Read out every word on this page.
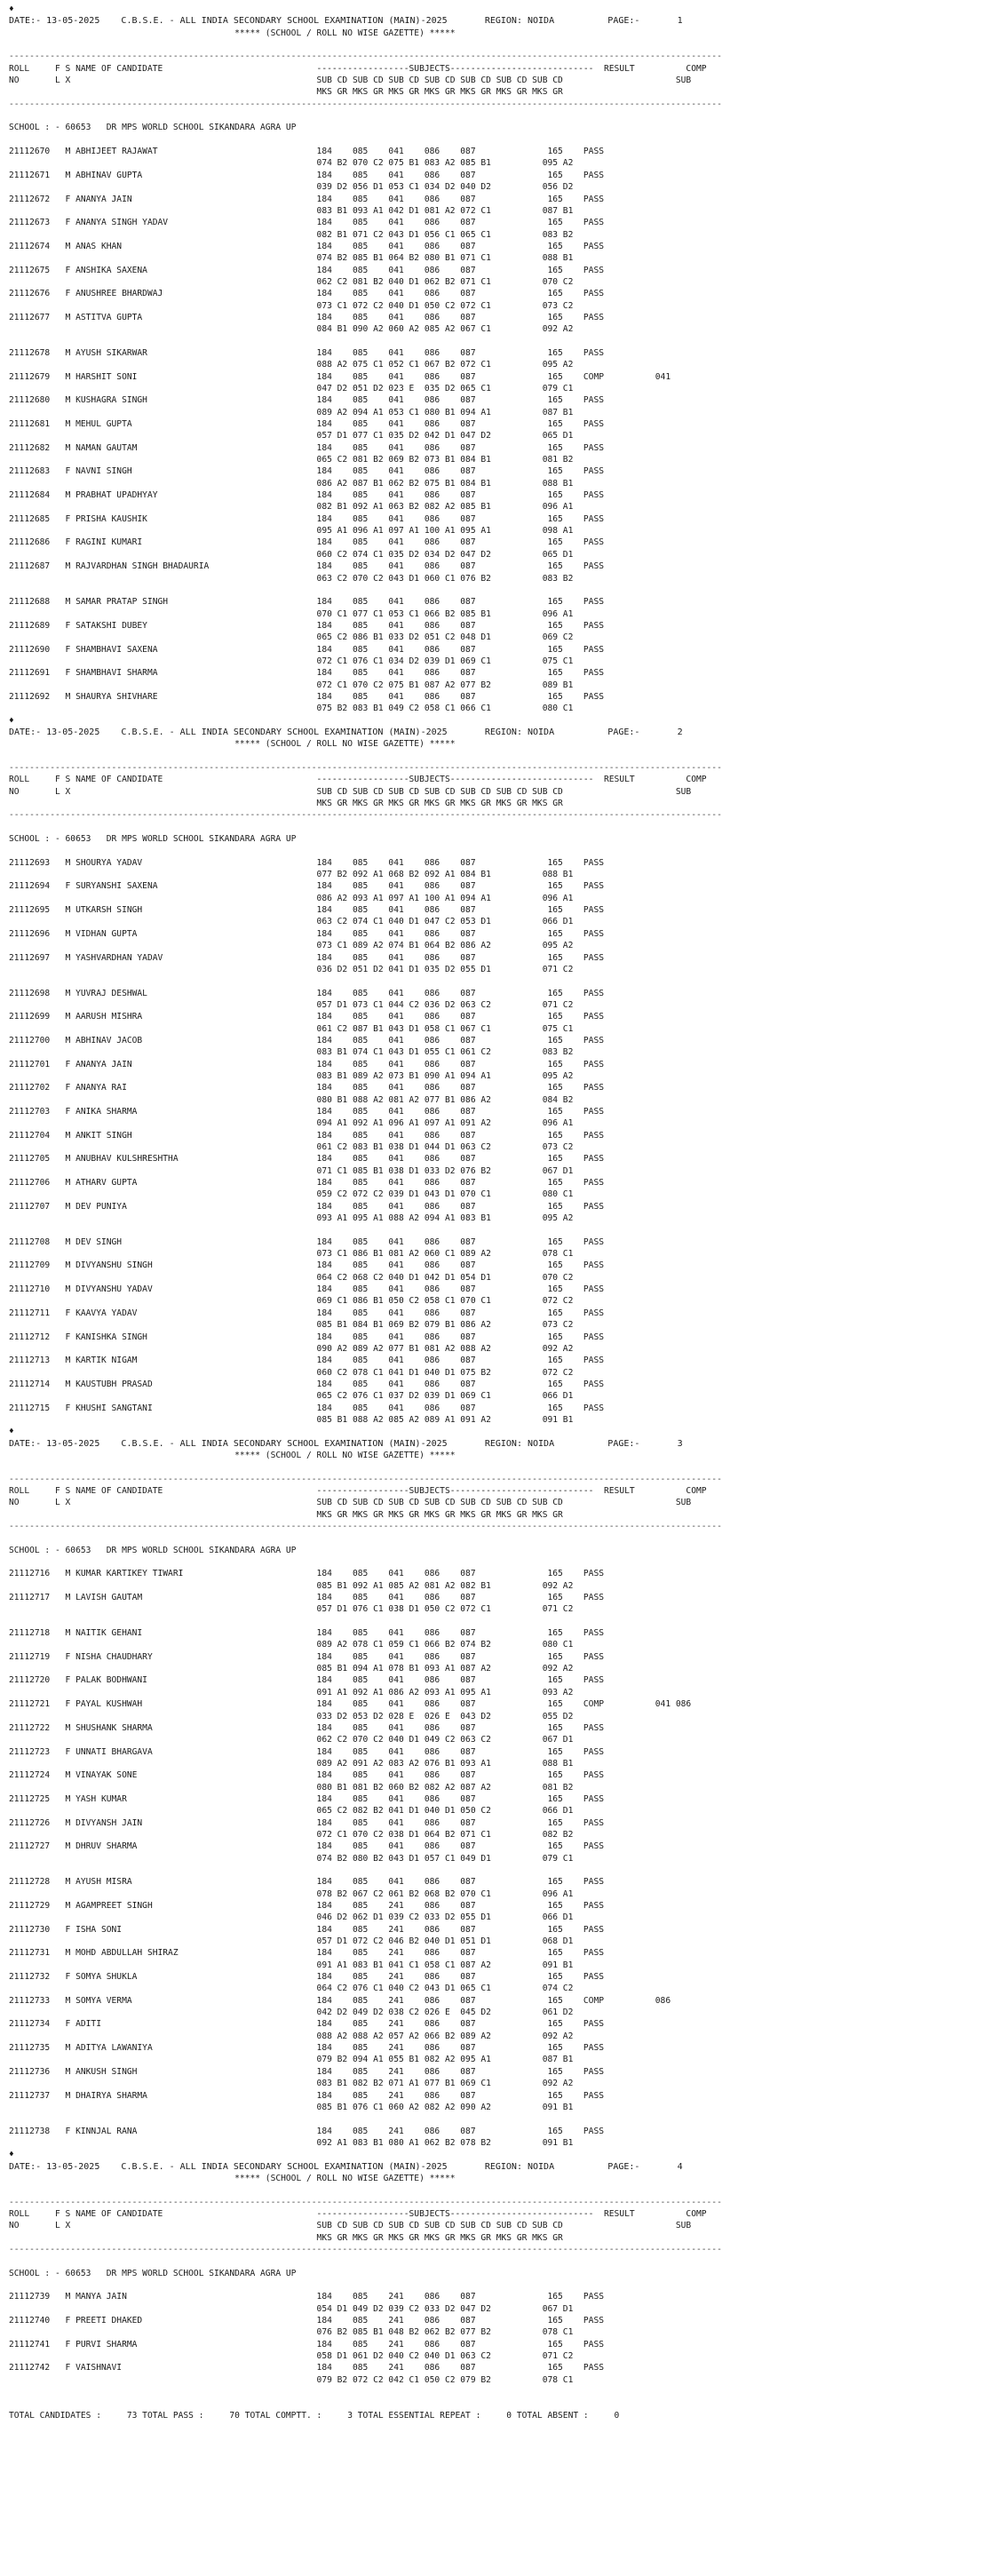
♦
DATE:- 13-05-2025    C.B.S.E. - ALL INDIA SECONDARY SCHOOL EXAMINATION (MAIN)-2025       REGION: NOIDA          PAGE:-       1
***** (SCHOOL / ROLL NO WISE GAZETTE) *****
-------------------------------------------------------------------------------------------------------------------------------------------
ROLL     F S NAME OF CANDIDATE                              ------------------SUBJECTS----------------------------  RESULT          COMP
NO       L X                                                SUB CD SUB CD SUB CD SUB CD SUB CD SUB CD SUB CD                      SUB
MKS GR MKS GR MKS GR MKS GR MKS GR MKS GR MKS GR
-------------------------------------------------------------------------------------------------------------------------------------------
SCHOOL : - 60653   DR MPS WORLD SCHOOL SIKANDARA AGRA UP
21112670   M ABHIJEET RAJAWAT                               184    085    041    086    087              165    PASS
074 B2 070 C2 075 B1 083 A2 085 B1          095 A2
21112671   M ABHINAV GUPTA                                  184    085    041    086    087              165    PASS
039 D2 056 D1 053 C1 034 D2 040 D2          056 D2
21112672   F ANANYA JAIN                                    184    085    041    086    087              165    PASS
083 B1 093 A1 042 D1 081 A2 072 C1          087 B1
21112673   F ANANYA SINGH YADAV                             184    085    041    086    087              165    PASS
082 B1 071 C2 043 D1 056 C1 065 C1          083 B2
21112674   M ANAS KHAN                                      184    085    041    086    087              165    PASS
074 B2 085 B1 064 B2 080 B1 071 C1          088 B1
21112675   F ANSHIKA SAXENA                                 184    085    041    086    087              165    PASS
062 C2 081 B2 040 D1 062 B2 071 C1          070 C2
21112676   F ANUSHREE BHARDWAJ                              184    085    041    086    087              165    PASS
073 C1 072 C2 040 D1 050 C2 072 C1          073 C2
21112677   M ASTITVA GUPTA                                  184    085    041    086    087              165    PASS
084 B1 090 A2 060 A2 085 A2 067 C1          092 A2
21112678   M AYUSH SIKARWAR                                 184    085    041    086    087              165    PASS
088 A2 075 C1 052 C1 067 B2 072 C1          095 A2
21112679   M HARSHIT SONI                                   184    085    041    086    087              165    COMP          041
047 D2 051 D2 023 E  035 D2 065 C1          079 C1
21112680   M KUSHAGRA SINGH                                 184    085    041    086    087              165    PASS
089 A2 094 A1 053 C1 080 B1 094 A1          087 B1
21112681   M MEHUL GUPTA                                    184    085    041    086    087              165    PASS
057 D1 077 C1 035 D2 042 D1 047 D2          065 D1
21112682   M NAMAN GAUTAM                                   184    085    041    086    087              165    PASS
065 C2 081 B2 069 B2 073 B1 084 B1          081 B2
21112683   F NAVNI SINGH                                    184    085    041    086    087              165    PASS
086 A2 087 B1 062 B2 075 B1 084 B1          088 B1
21112684   M PRABHAT UPADHYAY                               184    085    041    086    087              165    PASS
082 B1 092 A1 063 B2 082 A2 085 B1          096 A1
21112685   F PRISHA KAUSHIK                                 184    085    041    086    087              165    PASS
095 A1 096 A1 097 A1 100 A1 095 A1          098 A1
21112686   F RAGINI KUMARI                                  184    085    041    086    087              165    PASS
060 C2 074 C1 035 D2 034 D2 047 D2          065 D1
21112687   M RAJVARDHAN SINGH BHADAURIA                     184    085    041    086    087              165    PASS
063 C2 070 C2 043 D1 060 C1 076 B2          083 B2
21112688   M SAMAR PRATAP SINGH                             184    085    041    086    087              165    PASS
070 C1 077 C1 053 C1 066 B2 085 B1          096 A1
21112689   F SATAKSHI DUBEY                                 184    085    041    086    087              165    PASS
065 C2 086 B1 033 D2 051 C2 048 D1          069 C2
21112690   F SHAMBHAVI SAXENA                               184    085    041    086    087              165    PASS
072 C1 076 C1 034 D2 039 D1 069 C1          075 C1
21112691   F SHAMBHAVI SHARMA                               184    085    041    086    087              165    PASS
072 C1 070 C2 075 B1 087 A2 077 B2          089 B1
21112692   M SHAURYA SHIVHARE                               184    085    041    086    087              165    PASS
075 B2 083 B1 049 C2 058 C1 066 C1          080 C1
♦
DATE:- 13-05-2025    C.B.S.E. - ALL INDIA SECONDARY SCHOOL EXAMINATION (MAIN)-2025       REGION: NOIDA          PAGE:-       2
***** (SCHOOL / ROLL NO WISE GAZETTE) *****
-------------------------------------------------------------------------------------------------------------------------------------------
ROLL     F S NAME OF CANDIDATE                              ------------------SUBJECTS----------------------------  RESULT          COMP
NO       L X                                                SUB CD SUB CD SUB CD SUB CD SUB CD SUB CD SUB CD                      SUB
MKS GR MKS GR MKS GR MKS GR MKS GR MKS GR MKS GR
-------------------------------------------------------------------------------------------------------------------------------------------
SCHOOL : - 60653   DR MPS WORLD SCHOOL SIKANDARA AGRA UP
21112693   M SHOURYA YADAV                                  184    085    041    086    087              165    PASS
077 B2 092 A1 068 B2 092 A1 084 B1          088 B1
21112694   F SURYANSHI SAXENA                               184    085    041    086    087              165    PASS
086 A2 093 A1 097 A1 100 A1 094 A1          096 A1
21112695   M UTKARSH SINGH                                  184    085    041    086    087              165    PASS
063 C2 074 C1 040 D1 047 C2 053 D1          066 D1
21112696   M VIDHAN GUPTA                                   184    085    041    086    087              165    PASS
073 C1 089 A2 074 B1 064 B2 086 A2          095 A2
21112697   M YASHVARDHAN YADAV                              184    085    041    086    087              165    PASS
036 D2 051 D2 041 D1 035 D2 055 D1          071 C2
21112698   M YUVRAJ DESHWAL                                 184    085    041    086    087              165    PASS
057 D1 073 C1 044 C2 036 D2 063 C2          071 C2
21112699   M AARUSH MISHRA                                  184    085    041    086    087              165    PASS
061 C2 087 B1 043 D1 058 C1 067 C1          075 C1
21112700   M ABHINAV JACOB                                  184    085    041    086    087              165    PASS
083 B1 074 C1 043 D1 055 C1 061 C2          083 B2
21112701   F ANANYA JAIN                                    184    085    041    086    087              165    PASS
083 B1 089 A2 073 B1 090 A1 094 A1          095 A2
21112702   F ANANYA RAI                                     184    085    041    086    087              165    PASS
080 B1 088 A2 081 A2 077 B1 086 A2          084 B2
21112703   F ANIKA SHARMA                                   184    085    041    086    087              165    PASS
094 A1 092 A1 096 A1 097 A1 091 A2          096 A1
21112704   M ANKIT SINGH                                    184    085    041    086    087              165    PASS
061 C2 083 B1 038 D1 044 D1 063 C2          073 C2
21112705   M ANUBHAV KULSHRESHTHA                           184    085    041    086    087              165    PASS
071 C1 085 B1 038 D1 033 D2 076 B2          067 D1
21112706   M ATHARV GUPTA                                   184    085    041    086    087              165    PASS
059 C2 072 C2 039 D1 043 D1 070 C1          080 C1
21112707   M DEV PUNIYA                                     184    085    041    086    087              165    PASS
093 A1 095 A1 088 A2 094 A1 083 B1          095 A2
21112708   M DEV SINGH                                      184    085    041    086    087              165    PASS
073 C1 086 B1 081 A2 060 C1 089 A2          078 C1
21112709   M DIVYANSHU SINGH                                184    085    041    086    087              165    PASS
064 C2 068 C2 040 D1 042 D1 054 D1          070 C2
21112710   M DIVYANSHU YADAV                                184    085    041    086    087              165    PASS
069 C1 086 B1 050 C2 058 C1 070 C1          072 C2
21112711   F KAAVYA YADAV                                   184    085    041    086    087              165    PASS
085 B1 084 B1 069 B2 079 B1 086 A2          073 C2
21112712   F KANISHKA SINGH                                 184    085    041    086    087              165    PASS
090 A2 089 A2 077 B1 081 A2 088 A2          092 A2
21112713   M KARTIK NIGAM                                   184    085    041    086    087              165    PASS
060 C2 078 C1 041 D1 040 D1 075 B2          072 C2
21112714   M KAUSTUBH PRASAD                                184    085    041    086    087              165    PASS
065 C2 076 C1 037 D2 039 D1 069 C1          066 D1
21112715   F KHUSHI SANGTANI                                184    085    041    086    087              165    PASS
085 B1 088 A2 085 A2 089 A1 091 A2          091 B1
♦
DATE:- 13-05-2025    C.B.S.E. - ALL INDIA SECONDARY SCHOOL EXAMINATION (MAIN)-2025       REGION: NOIDA          PAGE:-       3
***** (SCHOOL / ROLL NO WISE GAZETTE) *****
-------------------------------------------------------------------------------------------------------------------------------------------
ROLL     F S NAME OF CANDIDATE                              ------------------SUBJECTS----------------------------  RESULT          COMP
NO       L X                                                SUB CD SUB CD SUB CD SUB CD SUB CD SUB CD SUB CD                      SUB
MKS GR MKS GR MKS GR MKS GR MKS GR MKS GR MKS GR
-------------------------------------------------------------------------------------------------------------------------------------------
SCHOOL : - 60653   DR MPS WORLD SCHOOL SIKANDARA AGRA UP
21112716   M KUMAR KARTIKEY TIWARI                          184    085    041    086    087              165    PASS
085 B1 092 A1 085 A2 081 A2 082 B1          092 A2
21112717   M LAVISH GAUTAM                                  184    085    041    086    087              165    PASS
057 D1 076 C1 038 D1 050 C2 072 C1          071 C2
21112718   M NAITIK GEHANI                                  184    085    041    086    087              165    PASS
089 A2 078 C1 059 C1 066 B2 074 B2          080 C1
21112719   F NISHA CHAUDHARY                                184    085    041    086    087              165    PASS
085 B1 094 A1 078 B1 093 A1 087 A2          092 A2
21112720   F PALAK BODHWANI                                 184    085    041    086    087              165    PASS
091 A1 092 A1 086 A2 093 A1 095 A1          093 A2
21112721   F PAYAL KUSHWAH                                  184    085    041    086    087              165    COMP          041 086
033 D2 053 D2 028 E  026 E  043 D2          055 D2
21112722   M SHUSHANK SHARMA                                184    085    041    086    087              165    PASS
062 C2 070 C2 040 D1 049 C2 063 C2          067 D1
21112723   F UNNATI BHARGAVA                                184    085    041    086    087              165    PASS
089 A2 091 A2 083 A2 076 B1 093 A1          088 B1
21112724   M VINAYAK SONE                                   184    085    041    086    087              165    PASS
080 B1 081 B2 060 B2 082 A2 087 A2          081 B2
21112725   M YASH KUMAR                                     184    085    041    086    087              165    PASS
065 C2 082 B2 041 D1 040 D1 050 C2          066 D1
21112726   M DIVYANSH JAIN                                  184    085    041    086    087              165    PASS
072 C1 070 C2 038 D1 064 B2 071 C1          082 B2
21112727   M DHRUV SHARMA                                   184    085    041    086    087              165    PASS
074 B2 080 B2 043 D1 057 C1 049 D1          079 C1
21112728   M AYUSH MISRA                                    184    085    041    086    087              165    PASS
078 B2 067 C2 061 B2 068 B2 070 C1          096 A1
21112729   M AGAMPREET SINGH                                184    085    241    086    087              165    PASS
046 D2 062 D1 039 C2 033 D2 055 D1          066 D1
21112730   F ISHA SONI                                      184    085    241    086    087              165    PASS
057 D1 072 C2 046 B2 040 D1 051 D1          068 D1
21112731   M MOHD ABDULLAH SHIRAZ                           184    085    241    086    087              165    PASS
091 A1 083 B1 041 C1 058 C1 087 A2          091 B1
21112732   F SOMYA SHUKLA                                   184    085    241    086    087              165    PASS
064 C2 076 C1 040 C2 043 D1 065 C1          074 C2
21112733   M SOMYA VERMA                                    184    085    241    086    087              165    COMP          086
042 D2 049 D2 038 C2 026 E  045 D2          061 D2
21112734   F ADITI                                          184    085    241    086    087              165    PASS
088 A2 088 A2 057 A2 066 B2 089 A2          092 A2
21112735   M ADITYA LAWANIYA                                184    085    241    086    087              165    PASS
079 B2 094 A1 055 B1 082 A2 095 A1          087 B1
21112736   M ANKUSH SINGH                                   184    085    241    086    087              165    PASS
083 B1 082 B2 071 A1 077 B1 069 C1          092 A2
21112737   M DHAIRYA SHARMA                                 184    085    241    086    087              165    PASS
085 B1 076 C1 060 A2 082 A2 090 A2          091 B1
21112738   F KINNJAL RANA                                   184    085    241    086    087              165    PASS
092 A1 083 B1 080 A1 062 B2 078 B2          091 B1
♦
DATE:- 13-05-2025    C.B.S.E. - ALL INDIA SECONDARY SCHOOL EXAMINATION (MAIN)-2025       REGION: NOIDA          PAGE:-       4
***** (SCHOOL / ROLL NO WISE GAZETTE) *****
-------------------------------------------------------------------------------------------------------------------------------------------
ROLL     F S NAME OF CANDIDATE                              ------------------SUBJECTS----------------------------  RESULT          COMP
NO       L X                                                SUB CD SUB CD SUB CD SUB CD SUB CD SUB CD SUB CD                      SUB
MKS GR MKS GR MKS GR MKS GR MKS GR MKS GR MKS GR
-------------------------------------------------------------------------------------------------------------------------------------------
SCHOOL : - 60653   DR MPS WORLD SCHOOL SIKANDARA AGRA UP
21112739   M MANYA JAIN                                     184    085    241    086    087              165    PASS
054 D1 049 D2 039 C2 033 D2 047 D2          067 D1
21112740   F PREETI DHAKED                                  184    085    241    086    087              165    PASS
076 B2 085 B1 048 B2 062 B2 077 B2          078 C1
21112741   F PURVI SHARMA                                   184    085    241    086    087              165    PASS
058 D1 061 D2 040 C2 040 D1 063 C2          071 C2
21112742   F VAISHNAVI                                      184    085    241    086    087              165    PASS
079 B2 072 C2 042 C1 050 C2 079 B2          078 C1
TOTAL CANDIDATES :     73 TOTAL PASS :     70 TOTAL COMPTT. :     3 TOTAL ESSENTIAL REPEAT :     0 TOTAL ABSENT :     0
